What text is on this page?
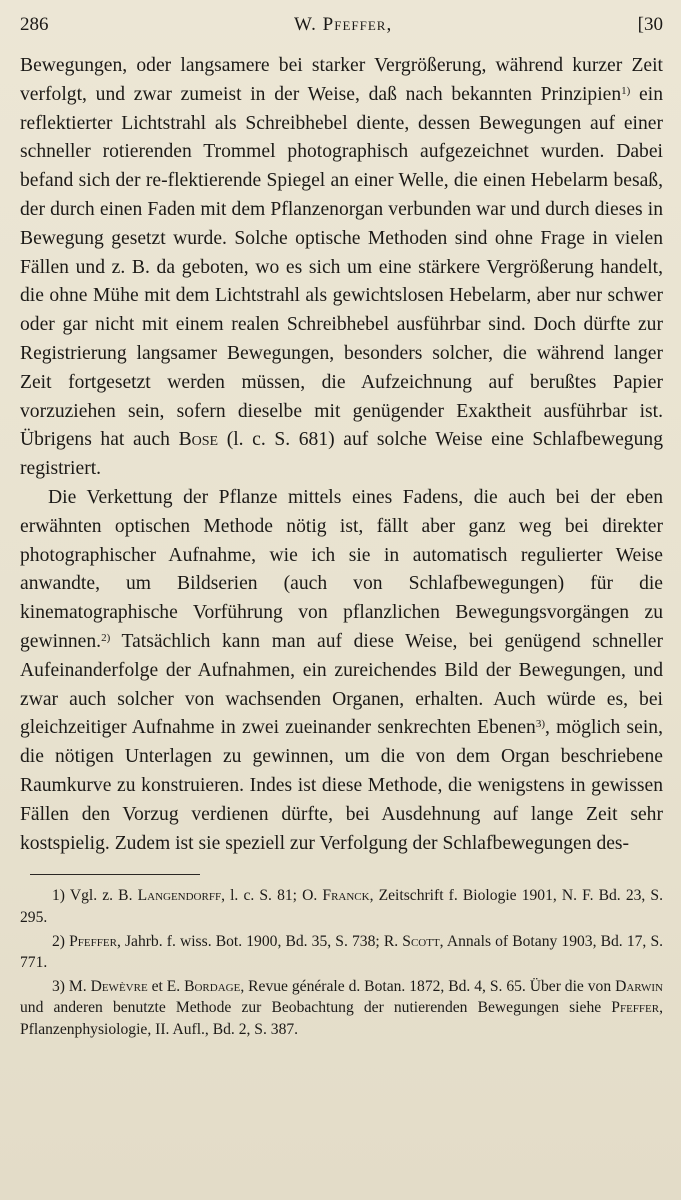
286	W. Pfeffer,	[30

Bewegungen, oder langsamere bei starker Vergrößerung, während kurzer Zeit verfolgt, und zwar zumeist in der Weise, daß nach bekannten Prinzipien$^{1)}$ ein reflektierter Lichtstrahl als Schreibhebel diente, dessen Bewegungen auf einer schneller rotierenden Trommel photographisch aufgezeichnet wurden. Dabei befand sich der re-flektierende Spiegel an einer Welle, die einen Hebelarm besaß, der durch einen Faden mit dem Pflanzenorgan verbunden war und durch dieses in Bewegung gesetzt wurde. Solche optische Methoden sind ohne Frage in vielen Fällen und z. B. da geboten, wo es sich um eine stärkere Vergrößerung handelt, die ohne Mühe mit dem Lichtstrahl als gewichtslosen Hebelarm, aber nur schwer oder gar nicht mit einem realen Schreibhebel ausführbar sind. Doch dürfte zur Registrierung langsamer Bewegungen, besonders solcher, die während langer Zeit fortgesetzt werden müssen, die Aufzeichnung auf berußtes Papier vorzuziehen sein, sofern dieselbe mit genügender Exaktheit ausführbar ist. Übrigens hat auch Bose (l. c. S. 681) auf solche Weise eine Schlafbewegung registriert.

Die Verkettung der Pflanze mittels eines Fadens, die auch bei der eben erwähnten optischen Methode nötig ist, fällt aber ganz weg bei direkter photographischer Aufnahme, wie ich sie in automatisch regulierter Weise anwandte, um Bildserien (auch von Schlafbewegungen) für die kinematographische Vorführung von pflanzlichen Bewegungsvorgängen zu gewinnen.$^{2)}$ Tatsächlich kann man auf diese Weise, bei genügend schneller Aufeinanderfolge der Aufnahmen, ein zureichendes Bild der Bewegungen, und zwar auch solcher von wachsenden Organen, erhalten. Auch würde es, bei gleichzeitiger Aufnahme in zwei zueinander senkrechten Ebenen$^{3)}$, möglich sein, die nötigen Unterlagen zu gewinnen, um die von dem Organ beschriebene Raumkurve zu konstruieren. Indes ist diese Methode, die wenigstens in gewissen Fällen den Vorzug verdienen dürfte, bei Ausdehnung auf lange Zeit sehr kostspielig. Zudem ist sie speziell zur Verfolgung der Schlafbewegungen des-

1) Vgl. z. B. Langendorff, l. c. S. 81; O. Franck, Zeitschrift f. Biologie 1901, N. F. Bd. 23, S. 295.

2) Pfeffer, Jahrb. f. wiss. Bot. 1900, Bd. 35, S. 738; R. Scott, Annals of Botany 1903, Bd. 17, S. 771.

3) M. Dewèvre et E. Bordage, Revue générale d. Botan. 1872, Bd. 4, S. 65. Über die von Darwin und anderen benutzte Methode zur Beobachtung der nutierenden Bewegungen siehe Pfeffer, Pflanzenphysiologie, II. Aufl., Bd. 2, S. 387.
